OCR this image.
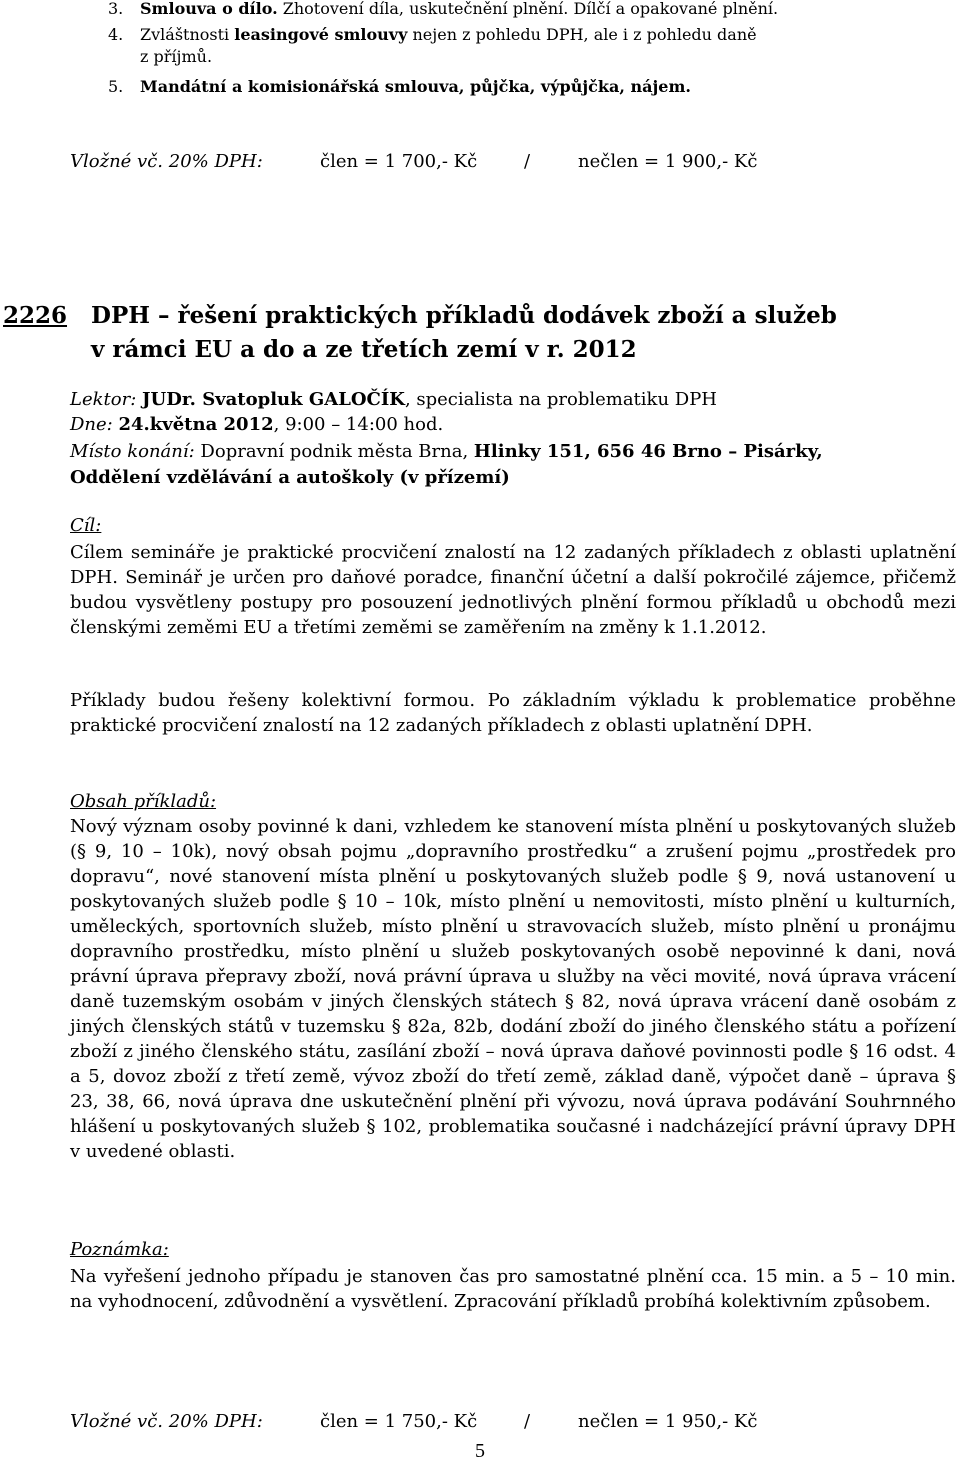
3. Smlouva o dílo. Zhotovení díla, uskutečnění plnění. Dílčí a opakované plnění.
4. Zvláštnosti leasingové smlouvy nejen z pohledu DPH, ale i z pohledu daně
z příjmů.
5. Mandátní a komisionářská smlouva, půjčka, výpůjčka, nájem.
Vložné vč. 20% DPH:	člen = 1 700,- Kč	/	nečlen = 1 900,- Kč
2226 DPH – řešení praktických příkladů dodávek zboží a služeb
v rámci EU a do a ze třetích zemí v r. 2012
Lektor: JUDr. Svatopluk GALOČÍK, specialista na problematiku DPH
Dne: 24.května 2012, 9:00 – 14:00 hod.
Místo konání: Dopravní podnik města Brna, Hlinky 151, 656 46 Brno – Pisárky,
Oddělení vzdělávání a autoškoly (v přízemí)
Cíl:
Cílem semináře je praktické procvičení znalostí na 12 zadaných příkladech z oblasti uplatnění DPH. Seminář je určen pro daňové poradce, finanční účetní a další pokročilé zájemce, přičemž budou vysvětleny postupy pro posouzení jednotlivých plnění formou příkladů u obchodů mezi členskými zeměmi EU a třetími zeměmi se zaměřením na změny k 1.1.2012.
Příklady budou řešeny kolektivní formou. Po základním výkladu k problematice proběhne praktické procvičení znalostí na 12 zadaných příkladech z oblasti uplatnění DPH.
Obsah příkladů:
Nový význam osoby povinné k dani, vzhledem ke stanovení místa plnění u poskytovaných služeb (§ 9, 10 – 10k), nový obsah pojmu „dopravního prostředku“ a zrušení pojmu „prostředek pro dopravu“, nové stanovení místa plnění u poskytovaných služeb podle § 9, nová ustanovení u poskytovaných služeb podle § 10 – 10k, místo plnění u nemovitosti, místo plnění u kulturních, uměleckých, sportovních služeb, místo plnění u stravovacích služeb, místo plnění u pronájmu dopravního prostředku, místo plnění u služeb poskytovaných osobě nepovinné k dani, nová právní úprava přepravy zboží, nová právní úprava u služby na věci movité, nová úprava vrácení daně tuzemským osobám v jiných členských státech § 82, nová úprava vrácení daně osobám z jiných členských států v tuzemsku § 82a, 82b, dodání zboží do jiného členského státu a pořízení zboží z jiného členského státu, zasílání zboží – nová úprava daňové povinnosti podle § 16 odst. 4 a 5, dovoz zboží z třetí země, vývoz zboží do třetí země, základ daně, výpočet daně – úprava § 23, 38, 66, nová úprava dne uskutečnění plnění při vývozu, nová úprava podávání Souhrnného hlášení u poskytovaných služeb § 102, problematika současné i nadcházející právní úpravy DPH v uvedené oblasti.
Poznámka:
Na vyřešení jednoho případu je stanoven čas pro samostatné plnění cca. 15 min. a 5 – 10 min. na vyhodnocení, zdůvodnění a vysvětlení. Zpracování příkladů probíhá kolektivním způsobem.
Vložné vč. 20% DPH:	člen = 1 750,- Kč	/	nečlen = 1 950,- Kč
5
